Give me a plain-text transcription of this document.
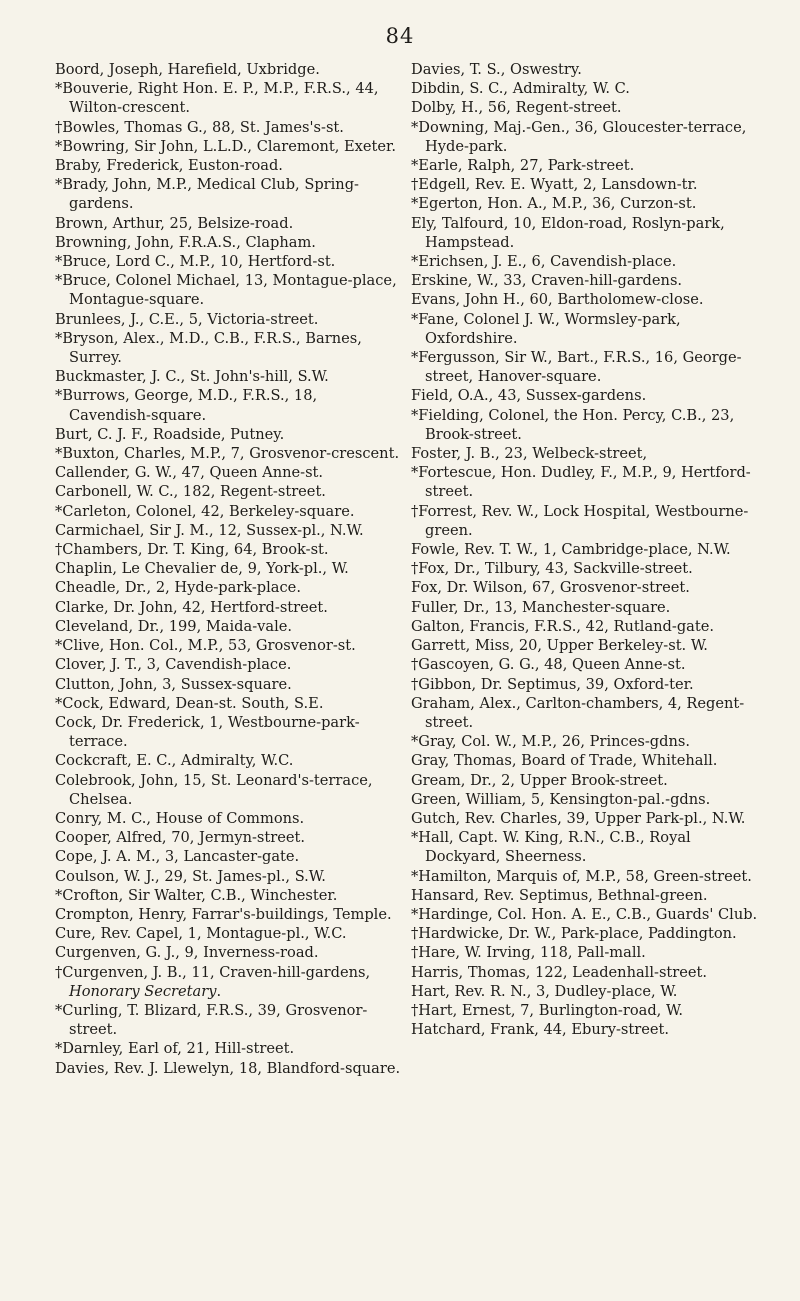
84

Boord, Joseph, Harefield, Uxbridge.

*Bouverie, Right Hon. E. P., M.P., F.R.S., 44, Wilton-crescent.

†Bowles, Thomas G., 88, St. James's-st.

*Bowring, Sir John, L.L.D., Claremont, Exeter.

Braby, Frederick, Euston-road.

*Brady, John, M.P., Medical Club, Spring-gardens.

Brown, Arthur, 25, Belsize-road.

Browning, John, F.R.A.S., Clapham.

*Bruce, Lord C., M.P., 10, Hertford-st.

*Bruce, Colonel Michael, 13, Montague-place, Montague-square.

Brunlees, J., C.E., 5, Victoria-street.

*Bryson, Alex., M.D., C.B., F.R.S., Barnes, Surrey.

Buckmaster, J. C., St. John's-hill, S.W.

*Burrows, George, M.D., F.R.S., 18, Cavendish-square.

Burt, C. J. F., Roadside, Putney.

*Buxton, Charles, M.P., 7, Grosvenor-crescent.

Callender, G. W., 47, Queen Anne-st.

Carbonell, W. C., 182, Regent-street.

*Carleton, Colonel, 42, Berkeley-square.

Carmichael, Sir J. M., 12, Sussex-pl., N.W.

†Chambers, Dr. T. King, 64, Brook-st.

Chaplin, Le Chevalier de, 9, York-pl., W.

Cheadle, Dr., 2, Hyde-park-place.

Clarke, Dr. John, 42, Hertford-street.

Cleveland, Dr., 199, Maida-vale.

*Clive, Hon. Col., M.P., 53, Grosvenor-st.

Clover, J. T., 3, Cavendish-place.

Clutton, John, 3, Sussex-square.

*Cock, Edward, Dean-st. South, S.E.

Cock, Dr. Frederick, 1, Westbourne-park-terrace.

Cockcraft, E. C., Admiralty, W.C.

Colebrook, John, 15, St. Leonard's-terrace, Chelsea.

Conry, M. C., House of Commons.

Cooper, Alfred, 70, Jermyn-street.

Cope, J. A. M., 3, Lancaster-gate.

Coulson, W. J., 29, St. James-pl., S.W.

*Crofton, Sir Walter, C.B., Winchester.

Crompton, Henry, Farrar's-buildings, Temple.

Cure, Rev. Capel, 1, Montague-pl., W.C.

Curgenven, G. J., 9, Inverness-road.

†Curgenven, J. B., 11, Craven-hill-gardens, Honorary Secretary.

*Curling, T. Blizard, F.R.S., 39, Grosvenor-street.

*Darnley, Earl of, 21, Hill-street.

Davies, Rev. J. Llewelyn, 18, Blandford-square.

Davies, T. S., Oswestry.

Dibdin, S. C., Admiralty, W. C.

Dolby, H., 56, Regent-street.

*Downing, Maj.-Gen., 36, Gloucester-terrace, Hyde-park.

*Earle, Ralph, 27, Park-street.

†Edgell, Rev. E. Wyatt, 2, Lansdown-tr.

*Egerton, Hon. A., M.P., 36, Curzon-st.

Ely, Talfourd, 10, Eldon-road, Roslyn-park, Hampstead.

*Erichsen, J. E., 6, Cavendish-place.

Erskine, W., 33, Craven-hill-gardens.

Evans, John H., 60, Bartholomew-close.

*Fane, Colonel J. W., Wormsley-park, Oxfordshire.

*Fergusson, Sir W., Bart., F.R.S., 16, George-street, Hanover-square.

Field, O.A., 43, Sussex-gardens.

*Fielding, Colonel, the Hon. Percy, C.B., 23, Brook-street.

Foster, J. B., 23, Welbeck-street,

*Fortescue, Hon. Dudley, F., M.P., 9, Hertford-street.

†Forrest, Rev. W., Lock Hospital, Westbourne-green.

Fowle, Rev. T. W., 1, Cambridge-place, N.W.

†Fox, Dr., Tilbury, 43, Sackville-street.

Fox, Dr. Wilson, 67, Grosvenor-street.

Fuller, Dr., 13, Manchester-square.

Galton, Francis, F.R.S., 42, Rutland-gate.

Garrett, Miss, 20, Upper Berkeley-st. W.

†Gascoyen, G. G., 48, Queen Anne-st.

†Gibbon, Dr. Septimus, 39, Oxford-ter.

Graham, Alex., Carlton-chambers, 4, Regent-street.

*Gray, Col. W., M.P., 26, Princes-gdns.

Gray, Thomas, Board of Trade, Whitehall.

Gream, Dr., 2, Upper Brook-street.

Green, William, 5, Kensington-pal.-gdns.

Gutch, Rev. Charles, 39, Upper Park-pl., N.W.

*Hall, Capt. W. King, R.N., C.B., Royal Dockyard, Sheerness.

*Hamilton, Marquis of, M.P., 58, Green-street.

Hansard, Rev. Septimus, Bethnal-green.

*Hardinge, Col. Hon. A. E., C.B., Guards' Club.

†Hardwicke, Dr. W., Park-place, Paddington.

†Hare, W. Irving, 118, Pall-mall.

Harris, Thomas, 122, Leadenhall-street.

Hart, Rev. R. N., 3, Dudley-place, W.

†Hart, Ernest, 7, Burlington-road, W.

Hatchard, Frank, 44, Ebury-street.
